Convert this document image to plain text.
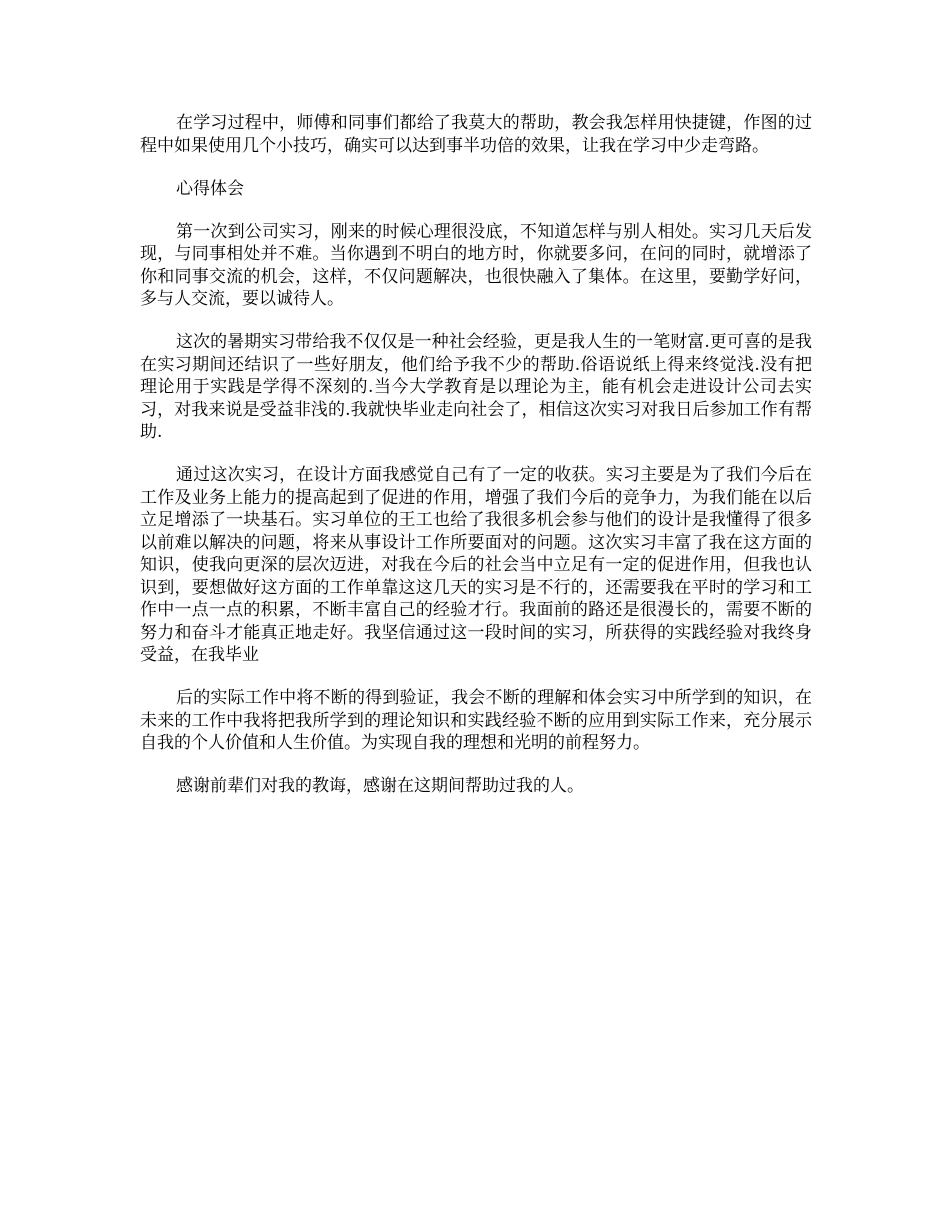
在学习过程中，师傅和同事们都给了我莫大的帮助，教会我怎样用快捷键，作图的过程中如果使用几个小技巧，确实可以达到事半功倍的效果，让我在学习中少走弯路。

心得体会

第一次到公司实习，刚来的时候心理很没底，不知道怎样与别人相处。实习几天后发现，与同事相处并不难。当你遇到不明白的地方时，你就要多问，在问的同时，就增添了你和同事交流的机会，这样，不仅问题解决，也很快融入了集体。在这里，要勤学好问，多与人交流，要以诚待人。

这次的暑期实习带给我不仅仅是一种社会经验，更是我人生的一笔财富.更可喜的是我在实习期间还结识了一些好朋友，他们给予我不少的帮助.俗语说纸上得来终觉浅.没有把理论用于实践是学得不深刻的.当今大学教育是以理论为主，能有机会走进设计公司去实习，对我来说是受益非浅的.我就快毕业走向社会了，相信这次实习对我日后参加工作有帮助.

通过这次实习，在设计方面我感觉自己有了一定的收获。实习主要是为了我们今后在工作及业务上能力的提高起到了促进的作用，增强了我们今后的竞争力，为我们能在以后立足增添了一块基石。实习单位的王工也给了我很多机会参与他们的设计是我懂得了很多以前难以解决的问题，将来从事设计工作所要面对的问题。这次实习丰富了我在这方面的知识，使我向更深的层次迈进，对我在今后的社会当中立足有一定的促进作用，但我也认识到，要想做好这方面的工作单靠这这几天的实习是不行的，还需要我在平时的学习和工作中一点一点的积累，不断丰富自己的经验才行。我面前的路还是很漫长的，需要不断的努力和奋斗才能真正地走好。我坚信通过这一段时间的实习，所获得的实践经验对我终身受益，在我毕业

后的实际工作中将不断的得到验证，我会不断的理解和体会实习中所学到的知识，在未来的工作中我将把我所学到的理论知识和实践经验不断的应用到实际工作来，充分展示自我的个人价值和人生价值。为实现自我的理想和光明的前程努力。

感谢前辈们对我的教诲，感谢在这期间帮助过我的人。
